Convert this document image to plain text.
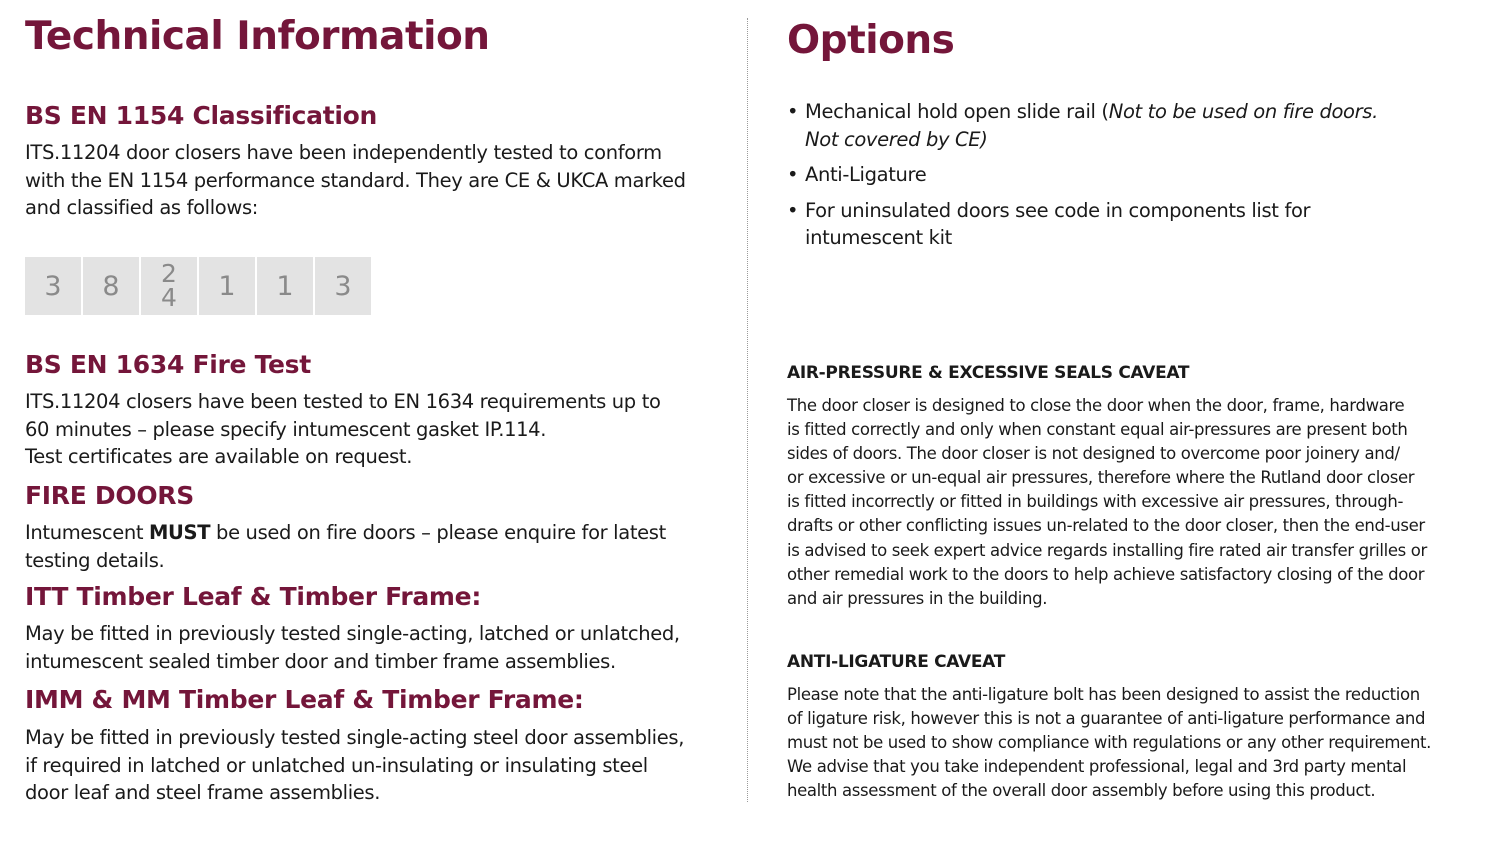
Technical Information
BS EN 1154 Classification

ITS.11204 door closers have been independently tested to conform
with the EN 1154 performance standard. They are CE & UKCA marked
and classified as follows:

3	8	2
4	1	1	3
BS EN 1634 Fire Test

ITS.11204 closers have been tested to EN 1634 requirements up to
60 minutes – please specify intumescent gasket IP.114.
Test certificates are available on request.

FIRE DOORS

Intumescent MUST be used on fire doors – please enquire for latest
testing details.

ITT Timber Leaf & Timber Frame:

May be fitted in previously tested single-acting, latched or unlatched,
intumescent sealed timber door and timber frame assemblies.

IMM & MM Timber Leaf & Timber Frame:

May be fitted in previously tested single-acting steel door assemblies,
if required in latched or unlatched un-insulating or insulating steel
door leaf and steel frame assemblies.

Options
• Mechanical hold open slide rail (Not to be used on fire doors.
Not covered by CE)
• Anti-Ligature
• For uninsulated doors see code in components list for
intumescent kit
AIR-PRESSURE & EXCESSIVE SEALS CAVEAT

The door closer is designed to close the door when the door, frame, hardware
is fitted correctly and only when constant equal air-pressures are present both
sides of doors. The door closer is not designed to overcome poor joinery and/
or excessive or un-equal air pressures, therefore where the Rutland door closer
is fitted incorrectly or fitted in buildings with excessive air pressures, through-
drafts or other conflicting issues un-related to the door closer, then the end-user
is advised to seek expert advice regards installing fire rated air transfer grilles or
other remedial work to the doors to help achieve satisfactory closing of the door
and air pressures in the building.

ANTI-LIGATURE CAVEAT

Please note that the anti-ligature bolt has been designed to assist the reduction
of ligature risk, however this is not a guarantee of anti-ligature performance and
must not be used to show compliance with regulations or any other requirement.
We advise that you take independent professional, legal and 3rd party mental
health assessment of the overall door assembly before using this product.
